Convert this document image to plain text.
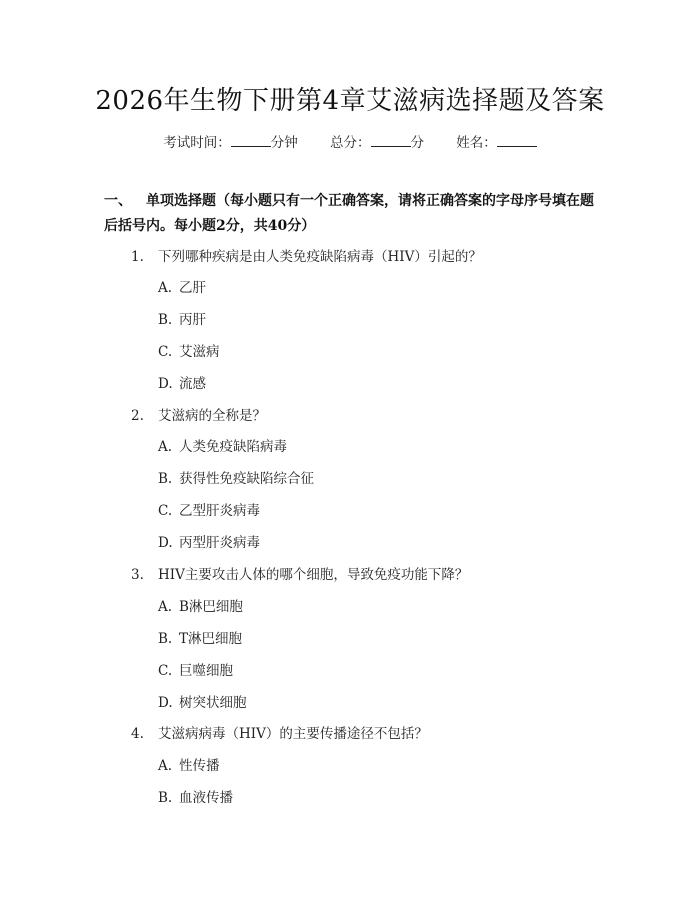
2026年生物下册第4章艾滋病选择题及答案
考试时间：	分钟 总分：	分 姓名：
一、 单项选择题（每小题只有一个正确答案，请将正确答案的字母序号填在题后括号内。每小题2分，共40分）
1. 下列哪种疾病是由人类免疫缺陷病毒（HIV）引起的？
A. 乙肝
B. 丙肝
C. 艾滋病
D. 流感
2. 艾滋病的全称是？
A. 人类免疫缺陷病毒
B. 获得性免疫缺陷综合征
C. 乙型肝炎病毒
D. 丙型肝炎病毒
3. HIV主要攻击人体的哪个细胞，导致免疫功能下降？
A. B淋巴细胞
B. T淋巴细胞
C. 巨噬细胞
D. 树突状细胞
4. 艾滋病病毒（HIV）的主要传播途径不包括？
A. 性传播
B. 血液传播
